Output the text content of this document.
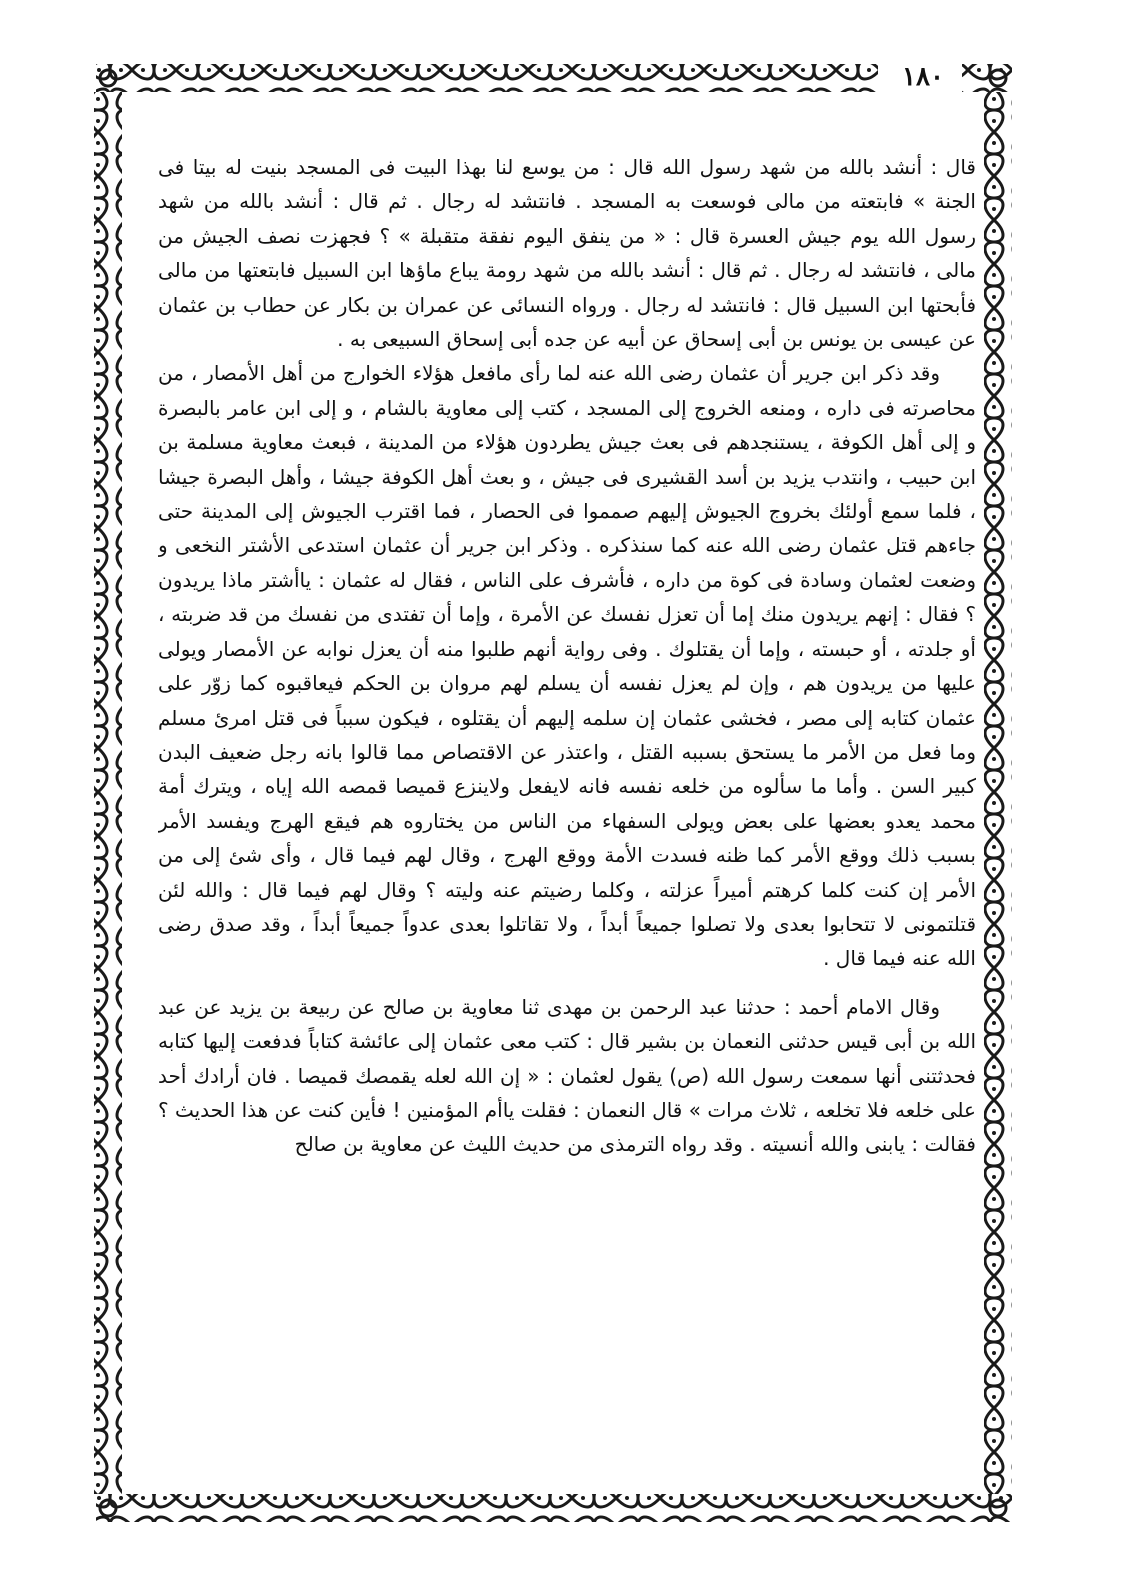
١٨٠

قال : أنشد بالله من شهد رسول الله قال : من يوسع لنا بهذا البيت فى المسجد بنيت له بيتا فى الجنة » فابتعته من مالى فوسعت به المسجد . فانتشد له رجال . ثم قال : أنشد بالله من شهد رسول الله يوم جيش العسرة قال : « من ينفق اليوم نفقة متقبلة » ؟ فجهزت نصف الجيش من مالى ، فانتشد له رجال . ثم قال : أنشد بالله من شهد رومة يباع ماؤها ابن السبيل فابتعتها من مالى فأبحتها ابن السبيل قال : فانتشد له رجال . ورواه النسائى عن عمران بن بكار عن حطاب بن عثمان عن عيسى بن يونس بن أبى إسحاق عن أبيه عن جده أبى إسحاق السبيعى به .

وقد ذكر ابن جرير أن عثمان رضى الله عنه لما رأى مافعل هؤلاء الخوارج من أهل الأمصار ، من محاصرته فى داره ، ومنعه الخروج إلى المسجد ، كتب إلى معاوية بالشام ، و إلى ابن عامر بالبصرة و إلى أهل الكوفة ، يستنجدهم فى بعث جيش يطردون هؤلاء من المدينة ، فبعث معاوية مسلمة بن ابن حبيب ، وانتدب يزيد بن أسد القشيرى فى جيش ، و بعث أهل الكوفة جيشا ، وأهل البصرة جيشا ، فلما سمع أولئك بخروج الجيوش إليهم صمموا فى الحصار ، فما اقترب الجيوش إلى المدينة حتى جاءهم قتل عثمان رضى الله عنه كما سنذكره . وذكر ابن جرير أن عثمان استدعى الأشتر النخعى و وضعت لعثمان وسادة فى كوة من داره ، فأشرف على الناس ، فقال له عثمان : ياأشتر ماذا يريدون ؟ فقال : إنهم يريدون منك إما أن تعزل نفسك عن الأمرة ، وإما أن تفتدى من نفسك من قد ضربته ، أو جلدته ، أو حبسته ، وإما أن يقتلوك . وفى رواية أنهم طلبوا منه أن يعزل نوابه عن الأمصار ويولى عليها من يريدون هم ، وإن لم يعزل نفسه أن يسلم لهم مروان بن الحكم فيعاقبوه كما زوّر على عثمان كتابه إلى مصر ، فخشى عثمان إن سلمه إليهم أن يقتلوه ، فيكون سبباً فى قتل امرئ مسلم وما فعل من الأمر ما يستحق بسببه القتل ، واعتذر عن الاقتصاص مما قالوا بانه رجل ضعيف البدن كبير السن . وأما ما سألوه من خلعه نفسه فانه لايفعل ولاينزع قميصا قمصه الله إياه ، ويترك أمة محمد يعدو بعضها على بعض ويولى السفهاء من الناس من يختاروه هم فيقع الهرج ويفسد الأمر بسبب ذلك ووقع الأمر كما ظنه فسدت الأمة ووقع الهرج ، وقال لهم فيما قال ، وأى شئ إلى من الأمر إن كنت كلما كرهتم أميراً عزلته ، وكلما رضيتم عنه وليته ؟ وقال لهم فيما قال : والله لئن قتلتمونى لا تتحابوا بعدى ولا تصلوا جميعاً أبداً ، ولا تقاتلوا بعدى عدواً جميعاً أبداً ، وقد صدق رضى الله عنه فيما قال .

وقال الامام أحمد : حدثنا عبد الرحمن بن مهدى ثنا معاوية بن صالح عن ربيعة بن يزيد عن عبد الله بن أبى قيس حدثنى النعمان بن بشير قال : كتب معى عثمان إلى عائشة كتاباً فدفعت إليها كتابه فحدثتنى أنها سمعت رسول الله (ص) يقول لعثمان : « إن الله لعله يقمصك قميصا . فان أرادك أحد على خلعه فلا تخلعه ، ثلاث مرات » قال النعمان : فقلت ياأم المؤمنين ! فأين كنت عن هذا الحديث ؟ فقالت : يابنى والله أنسيته . وقد رواه الترمذى من حديث الليث عن معاوية بن صالح
